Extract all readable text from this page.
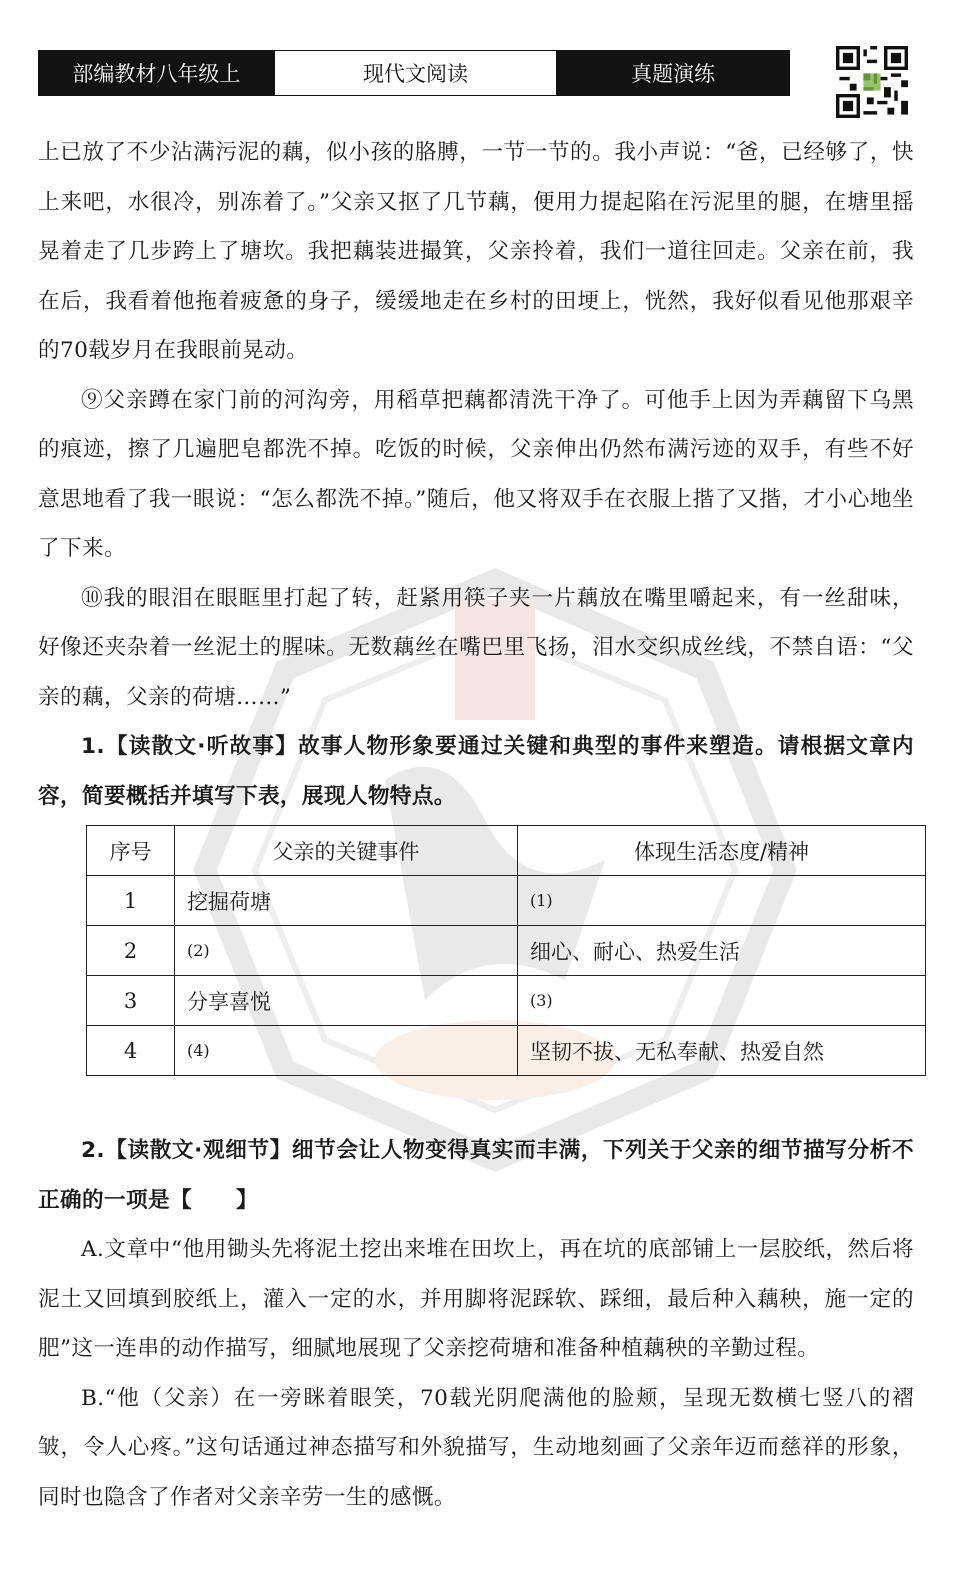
部编教材八年级上	现代文阅读	真题演练

上已放了不少沾满污泥的藕，似小孩的胳膊，一节一节的。我小声说：“爸，已经够了，快上来吧，水很冷，别冻着了。”父亲又抠了几节藕，便用力提起陷在污泥里的腿，在塘里摇晃着走了几步跨上了塘坎。我把藕装进撮箕，父亲拎着，我们一道往回走。父亲在前，我在后，我看着他拖着疲惫的身子，缓缓地走在乡村的田埂上，恍然，我好似看见他那艰辛的70载岁月在我眼前晃动。

⑨父亲蹲在家门前的河沟旁，用稻草把藕都清洗干净了。可他手上因为弄藕留下乌黑的痕迹，擦了几遍肥皂都洗不掉。吃饭的时候，父亲伸出仍然布满污迹的双手，有些不好意思地看了我一眼说：“怎么都洗不掉。”随后，他又将双手在衣服上揩了又揩，才小心地坐了下来。

⑩我的眼泪在眼眶里打起了转，赶紧用筷子夹一片藕放在嘴里嚼起来，有一丝甜味，好像还夹杂着一丝泥土的腥味。无数藕丝在嘴巴里飞扬，泪水交织成丝线，不禁自语：“父亲的藕，父亲的荷塘……”

1.【读散文·听故事】故事人物形象要通过关键和典型的事件来塑造。请根据文章内容，简要概括并填写下表，展现人物特点。

序号	父亲的关键事件	体现生活态度/精神
1	挖掘荷塘	(1)
2	(2)	细心、耐心、热爱生活
3	分享喜悦	(3)
4	(4)	坚韧不拔、无私奉献、热爱自然

2.【读散文·观细节】细节会让人物变得真实而丰满，下列关于父亲的细节描写分析不正确的一项是【　　】

A.文章中“他用锄头先将泥土挖出来堆在田坎上，再在坑的底部铺上一层胶纸，然后将泥土又回填到胶纸上，灌入一定的水，并用脚将泥踩软、踩细，最后种入藕秧，施一定的肥”这一连串的动作描写，细腻地展现了父亲挖荷塘和准备种植藕秧的辛勤过程。

B.“他（父亲）在一旁眯着眼笑，70载光阴爬满他的脸颊，呈现无数横七竖八的褶皱，令人心疼。”这句话通过神态描写和外貌描写，生动地刻画了父亲年迈而慈祥的形象，同时也隐含了作者对父亲辛劳一生的感慨。
